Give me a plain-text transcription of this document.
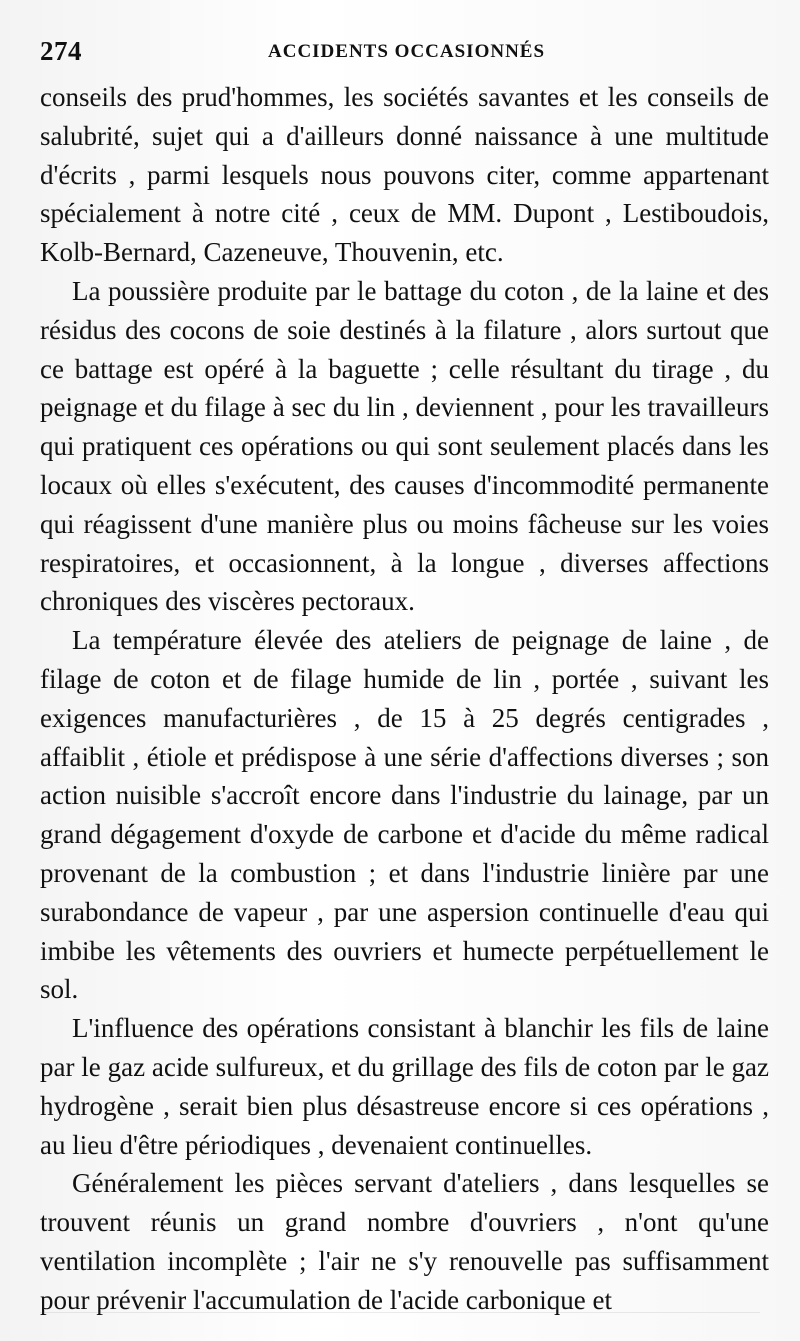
274	ACCIDENTS OCCASIONNÉS

conseils des prud'hommes, les sociétés savantes et les conseils de salubrité, sujet qui a d'ailleurs donné naissance à une multitude d'écrits , parmi lesquels nous pouvons citer, comme appartenant spécialement à notre cité , ceux de MM. Dupont , Lestiboudois, Kolb-Bernard, Cazeneuve, Thouvenin, etc.

La poussière produite par le battage du coton , de la laine et des résidus des cocons de soie destinés à la filature , alors surtout que ce battage est opéré à la baguette ; celle résultant du tirage , du peignage et du filage à sec du lin , deviennent , pour les travailleurs qui pratiquent ces opérations ou qui sont seulement placés dans les locaux où elles s'exécutent, des causes d'incommodité permanente qui réagissent d'une manière plus ou moins fâcheuse sur les voies respiratoires, et occasionnent, à la longue , diverses affections chroniques des viscères pectoraux.

La température élevée des ateliers de peignage de laine , de filage de coton et de filage humide de lin , portée , suivant les exigences manufacturières , de 15 à 25 degrés centigrades , affaiblit , étiole et prédispose à une série d'affections diverses ; son action nuisible s'accroît encore dans l'industrie du lainage, par un grand dégagement d'oxyde de carbone et d'acide du même radical provenant de la combustion ; et dans l'industrie linière par une surabondance de vapeur , par une aspersion continuelle d'eau qui imbibe les vêtements des ouvriers et humecte perpétuellement le sol.

L'influence des opérations consistant à blanchir les fils de laine par le gaz acide sulfureux, et du grillage des fils de coton par le gaz hydrogène , serait bien plus désastreuse encore si ces opérations , au lieu d'être périodiques , devenaient continuelles.

Généralement les pièces servant d'ateliers , dans lesquelles se trouvent réunis un grand nombre d'ouvriers , n'ont qu'une ventilation incomplète ; l'air ne s'y renouvelle pas suffisamment pour prévenir l'accumulation de l'acide carbonique et
